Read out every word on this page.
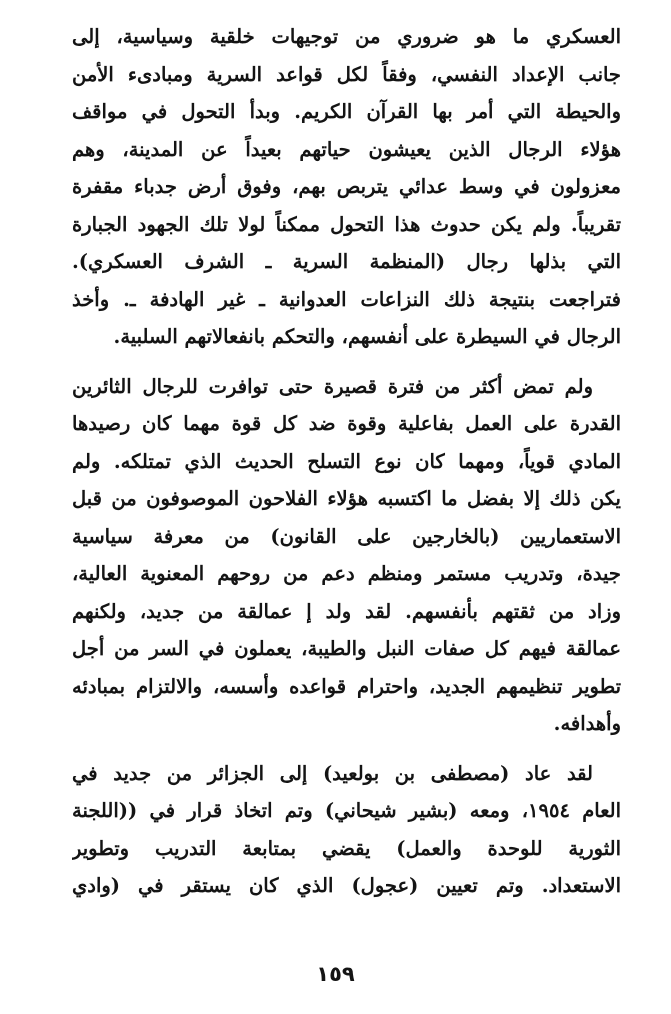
العسكري ما هو ضروري من توجيهات خلقية وسياسية، إلى
جانب الإعداد النفسي، وفقاً لكل قواعد السرية ومبادىء الأمن
والحيطة التي أمر بها القرآن الكريم. وبدأ التحول في مواقف
هؤلاء الرجال الذين يعيشون حياتهم بعيداً عن المدينة، وهم
معزولون في وسط عدائي يتربص بهم، وفوق أرض جدباء مقفرة
تقريباً. ولم يكن حدوث هذا التحول ممكناً لولا تلك الجهود الجبارة
التي بذلها رجال (المنظمة السرية ـ الشرف العسكري).
فتراجعت بنتيجة ذلك النزاعات العدوانية ـ غير الهادفة ـ. وأخذ
الرجال في السيطرة على أنفسهم، والتحكم بانفعالاتهم السلبية.
ولم تمض أكثر من فترة قصيرة حتى توافرت للرجال الثائرين
القدرة على العمل بفاعلية وقوة ضد كل قوة مهما كان رصيدها
المادي قوياً، ومهما كان نوع التسلح الحديث الذي تمتلكه. ولم
يكن ذلك إلا بفضل ما اكتسبه هؤلاء الفلاحون الموصوفون من قبل
الاستعماريين (بالخارجين على القانون) من معرفة سياسية
جيدة، وتدريب مستمر ومنظم دعم من روحهم المعنوية العالية،
وزاد من ثقتهم بأنفسهم. لقد ولد إ عمالقة من جديد، ولكنهم
عمالقة فيهم كل صفات النبل والطيبة، يعملون في السر من أجل
تطوير تنظيمهم الجديد، واحترام قواعده وأسسه، والالتزام بمبادئه
وأهدافه.
لقد عاد (مصطفى بن بولعيد) إلى الجزائر من جديد في
العام ١٩٥٤، ومعه (بشير شيحاني) وتم اتخاذ قرار في ((اللجنة
الثورية للوحدة والعمل) يقضي بمتابعة التدريب وتطوير
الاستعداد. وتم تعيين (عجول) الذي كان يستقر في (وادي
١٥٩
